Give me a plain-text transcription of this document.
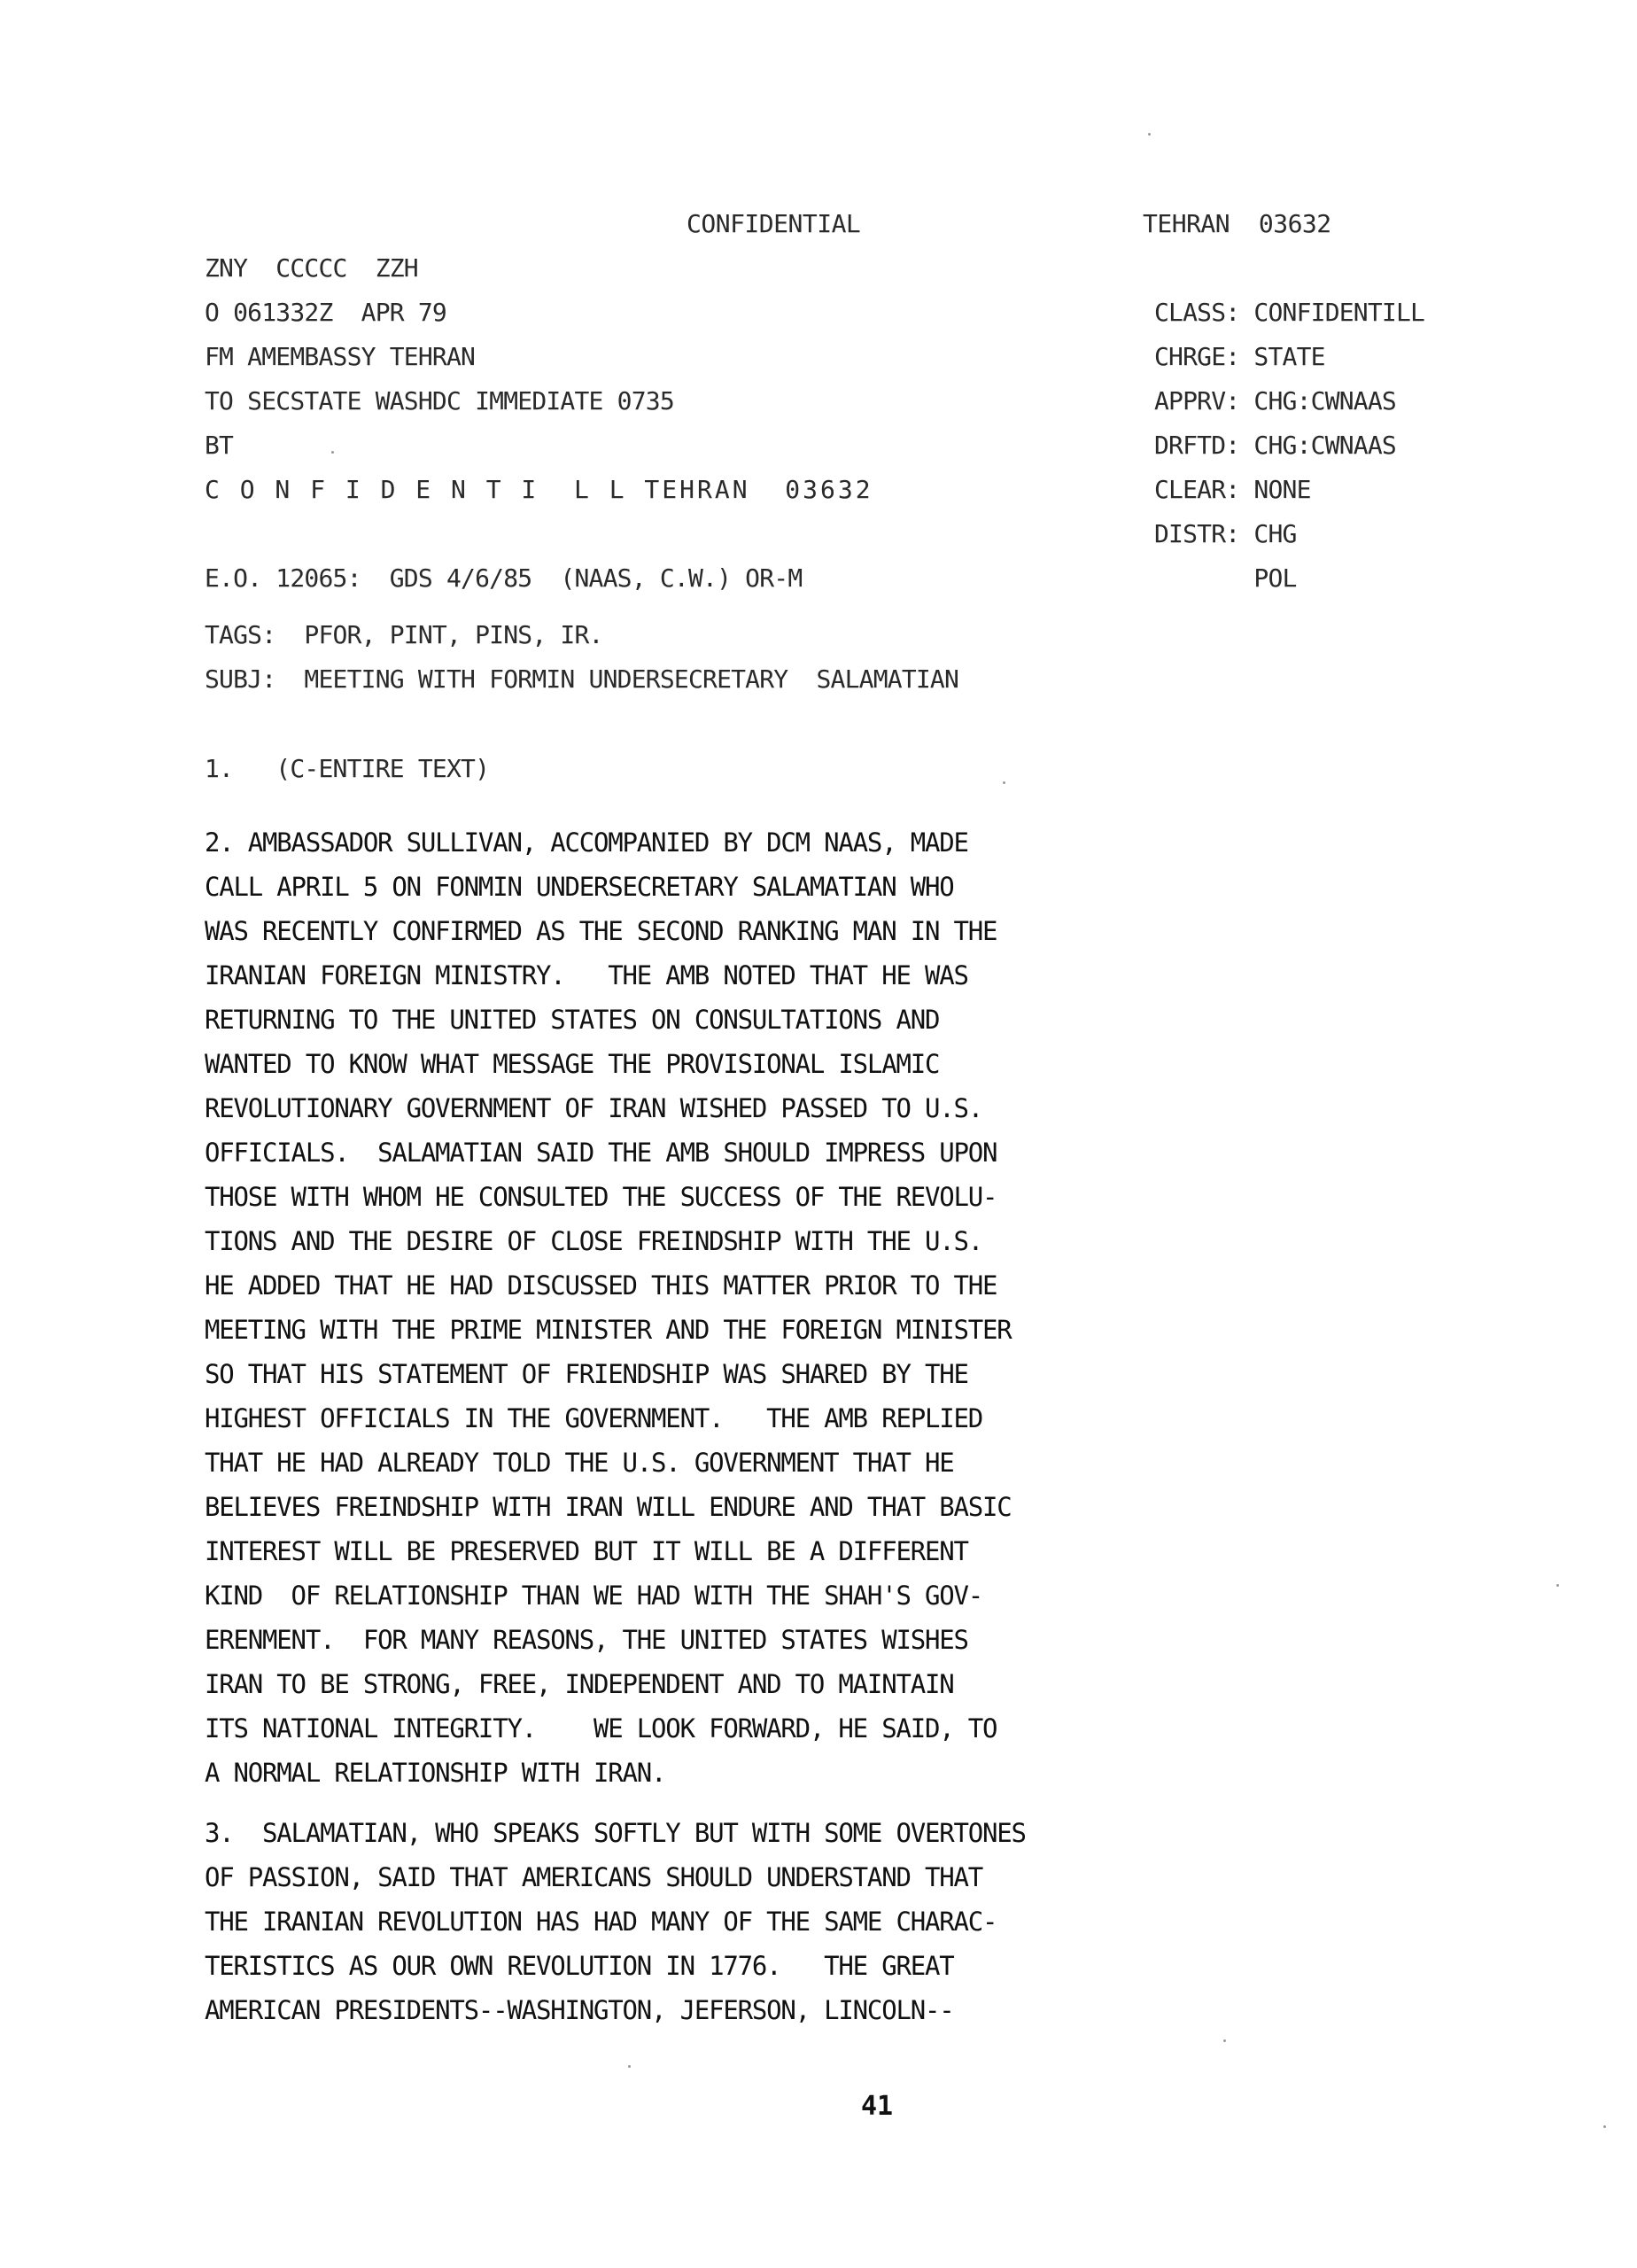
CONFIDENTIAL	TEHRAN  03632
ZNY  CCCCC  ZZH
O 061332Z  APR 79
FM AMEMBASSY TEHRAN
TO SECSTATE WASHDC IMMEDIATE 0735
BT
C O N F I D E N T I  L L TEHRAN  03632
CLASS: CONFIDENTILL
CHRGE: STATE
APPRV: CHG:CWNAAS
DRFTD: CHG:CWNAAS
CLEAR: NONE
DISTR: CHG
POL
E.O. 12065:  GDS 4/6/85  (NAAS, C.W.) OR-M
TAGS:  PFOR, PINT, PINS, IR.
SUBJ:  MEETING WITH FORMIN UNDERSECRETARY  SALAMATIAN
1.   (C-ENTIRE TEXT)
2. AMBASSADOR SULLIVAN, ACCOMPANIED BY DCM NAAS, MADE
CALL APRIL 5 ON FONMIN UNDERSECRETARY SALAMATIAN WHO
WAS RECENTLY CONFIRMED AS THE SECOND RANKING MAN IN THE
IRANIAN FOREIGN MINISTRY.   THE AMB NOTED THAT HE WAS
RETURNING TO THE UNITED STATES ON CONSULTATIONS AND
WANTED TO KNOW WHAT MESSAGE THE PROVISIONAL ISLAMIC
REVOLUTIONARY GOVERNMENT OF IRAN WISHED PASSED TO U.S.
OFFICIALS.  SALAMATIAN SAID THE AMB SHOULD IMPRESS UPON
THOSE WITH WHOM HE CONSULTED THE SUCCESS OF THE REVOLU-
TIONS AND THE DESIRE OF CLOSE FREINDSHIP WITH THE U.S.
HE ADDED THAT HE HAD DISCUSSED THIS MATTER PRIOR TO THE
MEETING WITH THE PRIME MINISTER AND THE FOREIGN MINISTER
SO THAT HIS STATEMENT OF FRIENDSHIP WAS SHARED BY THE
HIGHEST OFFICIALS IN THE GOVERNMENT.   THE AMB REPLIED
THAT HE HAD ALREADY TOLD THE U.S. GOVERNMENT THAT HE
BELIEVES FREINDSHIP WITH IRAN WILL ENDURE AND THAT BASIC
INTEREST WILL BE PRESERVED BUT IT WILL BE A DIFFERENT
KIND  OF RELATIONSHIP THAN WE HAD WITH THE SHAH'S GOV-
ERENMENT.  FOR MANY REASONS, THE UNITED STATES WISHES
IRAN TO BE STRONG, FREE, INDEPENDENT AND TO MAINTAIN
ITS NATIONAL INTEGRITY.    WE LOOK FORWARD, HE SAID, TO
A NORMAL RELATIONSHIP WITH IRAN.
3.  SALAMATIAN, WHO SPEAKS SOFTLY BUT WITH SOME OVERTONES
OF PASSION, SAID THAT AMERICANS SHOULD UNDERSTAND THAT
THE IRANIAN REVOLUTION HAS HAD MANY OF THE SAME CHARAC-
TERISTICS AS OUR OWN REVOLUTION IN 1776.   THE GREAT
AMERICAN PRESIDENTS--WASHINGTON, JEFERSON, LINCOLN--
41
